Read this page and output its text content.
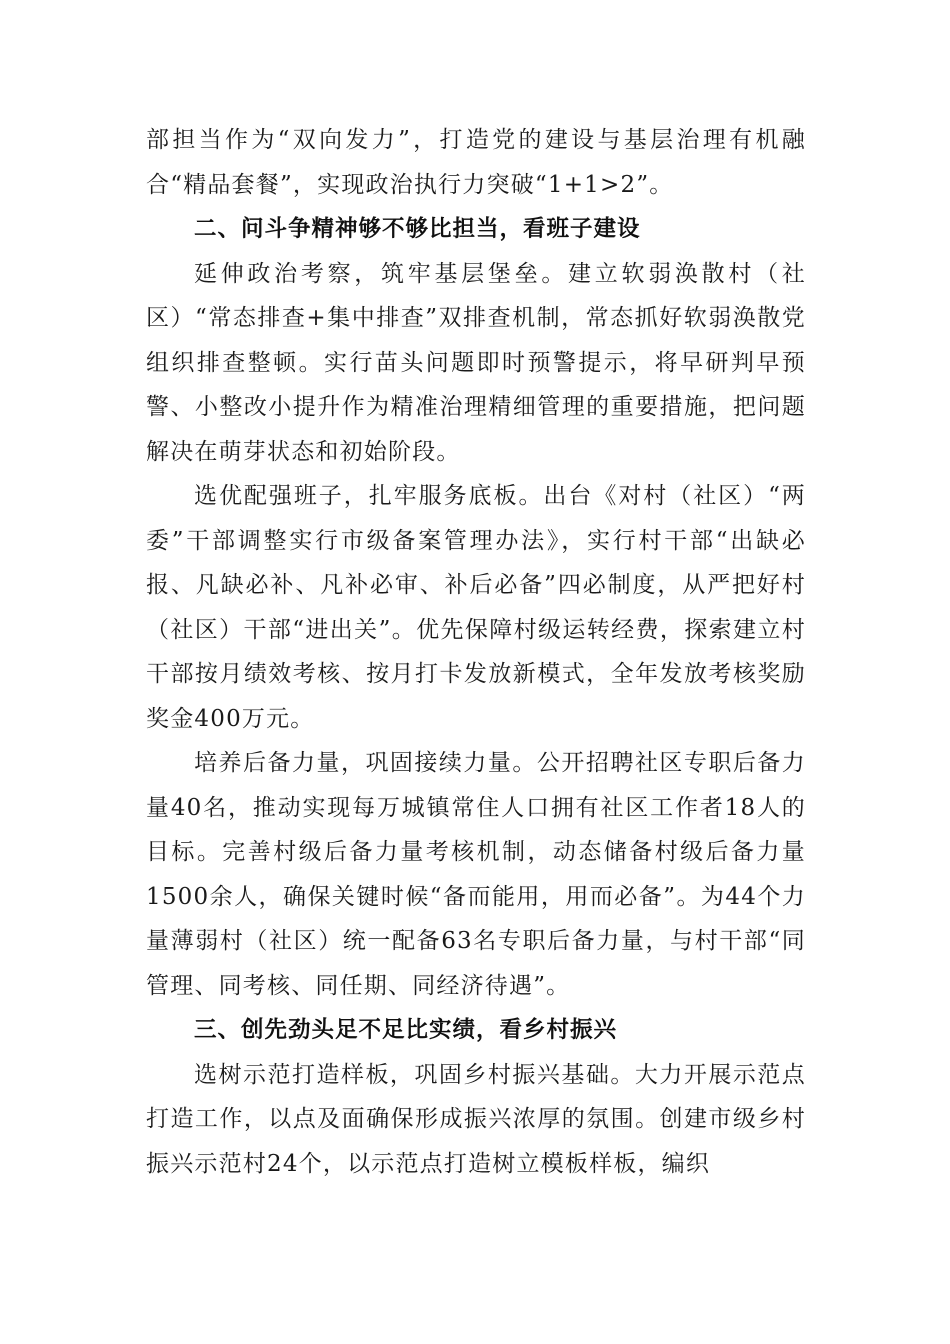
部担当作为“双向发力”，打造党的建设与基层治理有机融合“精品套餐”，实现政治执行力突破“1+1>2”。

二、问斗争精神够不够比担当，看班子建设

延伸政治考察，筑牢基层堡垒。建立软弱涣散村（社区）“常态排查+集中排查”双排查机制，常态抓好软弱涣散党组织排查整顿。实行苗头问题即时预警提示，将早研判早预警、小整改小提升作为精准治理精细管理的重要措施，把问题解决在萌芽状态和初始阶段。

选优配强班子，扎牢服务底板。出台《对村（社区）“两委”干部调整实行市级备案管理办法》，实行村干部“出缺必报、凡缺必补、凡补必审、补后必备”四必制度，从严把好村（社区）干部“进出关”。优先保障村级运转经费，探索建立村干部按月绩效考核、按月打卡发放新模式，全年发放考核奖励奖金400万元。

培养后备力量，巩固接续力量。公开招聘社区专职后备力量40名，推动实现每万城镇常住人口拥有社区工作者18人的目标。完善村级后备力量考核机制，动态储备村级后备力量1500余人，确保关键时候“备而能用，用而必备”。为44个力量薄弱村（社区）统一配备63名专职后备力量，与村干部“同管理、同考核、同任期、同经济待遇”。

三、创先劲头足不足比实绩，看乡村振兴

选树示范打造样板，巩固乡村振兴基础。大力开展示范点打造工作，以点及面确保形成振兴浓厚的氛围。创建市级乡村振兴示范村24个，以示范点打造树立模板样板，编织
